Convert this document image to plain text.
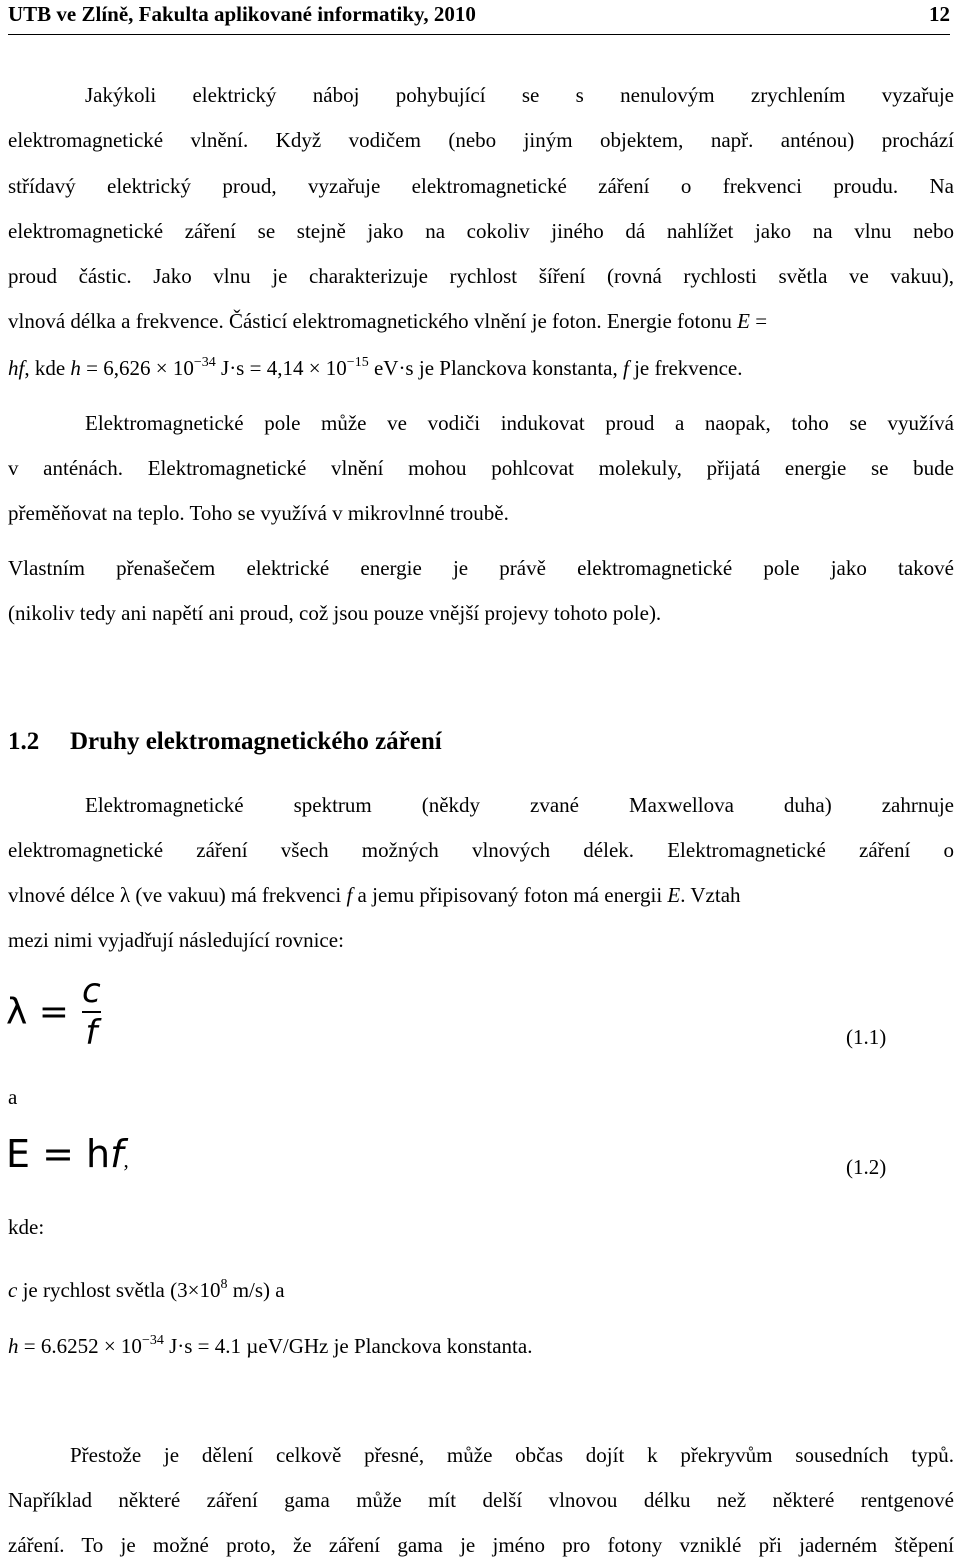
UTB ve Zlíně, Fakulta aplikované informatiky, 2010	12
Jakýkoli elektrický náboj pohybující se s nenulovým zrychlením vyzařuje
elektromagnetické vlnění. Když vodičem (nebo jiným objektem, např. anténou) prochází
střídavý elektrický proud, vyzařuje elektromagnetické záření o frekvenci proudu. Na
elektromagnetické záření se stejně jako na cokoliv jiného dá nahlížet jako na vlnu nebo
proud částic. Jako vlnu je charakterizuje rychlost šíření (rovná rychlosti světla ve vakuu),
vlnová délka a frekvence. Částicí elektromagnetického vlnění je foton. Energie fotonu E =
hf, kde $h = 6,626 \times 10^{-34}$ $J\cdot s = 4,14 \times 10^{-15}$ eV·s je Planckova konstanta, f je frekvence.
Elektromagnetické pole může ve vodiči indukovat proud a naopak, toho se využívá
v anténách. Elektromagnetické vlnění mohou pohlcovat molekuly, přijatá energie se bude
přeměňovat na teplo. Toho se využívá v mikrovlnné troubě.
Vlastním přenašečem elektrické energie je právě elektromagnetické pole jako takové
(nikoliv tedy ani napětí ani proud, což jsou pouze vnější projevy tohoto pole).
1.2 Druhy elektromagnetického záření
Elektromagnetické spektrum (někdy zvané Maxwellova duha) zahrnuje
elektromagnetické záření všech možných vlnových délek. Elektromagnetické záření o
vlnové délce λ (ve vakuu) má frekvenci f a jemu připisovaný foton má energii E. Vztah
mezi nimi vyjadřují následující rovnice:
$\lambda = \frac{c}{f}$	(1.1)
a
E = hf,	(1.2)
kde:
c je rychlost světla ($3\times 10^8$ m/s) a
$h = 6.6252 \times 10^{-34}$ J·s = 4.1 µeV/GHz je Planckova konstanta.
Přestože je dělení celkově přesné, může občas dojít k překryvům sousedních typů.
Například některé záření gama může mít delší vlnovou délku než některé rentgenové
záření. To je možné proto, že záření gama je jméno pro fotony vzniklé při jaderném štěpení
